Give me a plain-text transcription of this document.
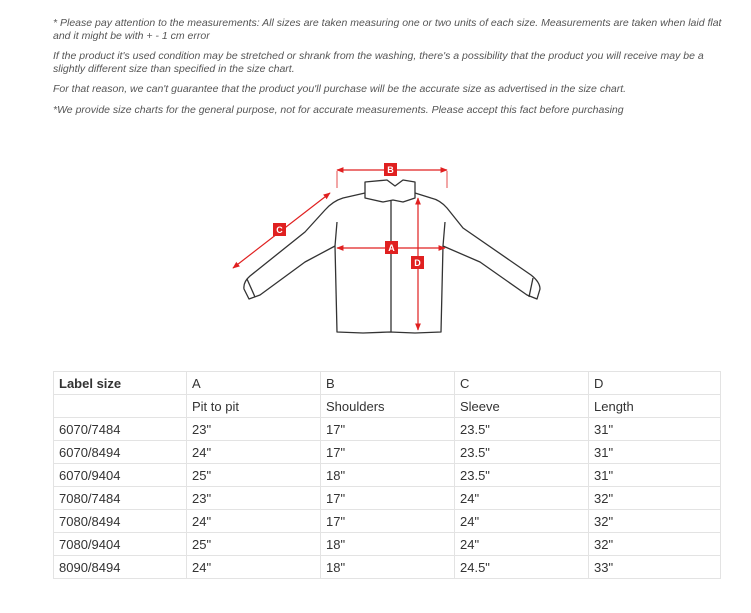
* Please pay attention to the measurements: All sizes are taken measuring one or two units of each size. Measurements are taken when laid flat and it might be with + - 1 cm error

If the product it's used condition may be stretched or shrank from the washing, there's a possibility that the product you will receive may be a slightly different size than specified in the size chart.

For that reason, we can't guarantee that the product you'll purchase will be the accurate size as advertised in the size chart.

*We provide size charts for the general purpose, not for accurate measurements. Please accept this fact before purchasing

B
A
C
D
Label size	A	B	C	D
	Pit to pit	Shoulders	Sleeve	Length
6070/7484	23"	17"	23.5"	31"
6070/8494	24"	17"	23.5"	31"
6070/9404	25"	18"	23.5"	31"
7080/7484	23"	17"	24"	32"
7080/8494	24"	17"	24"	32"
7080/9404	25"	18"	24"	32"
8090/8494	24"	18"	24.5"	33"
